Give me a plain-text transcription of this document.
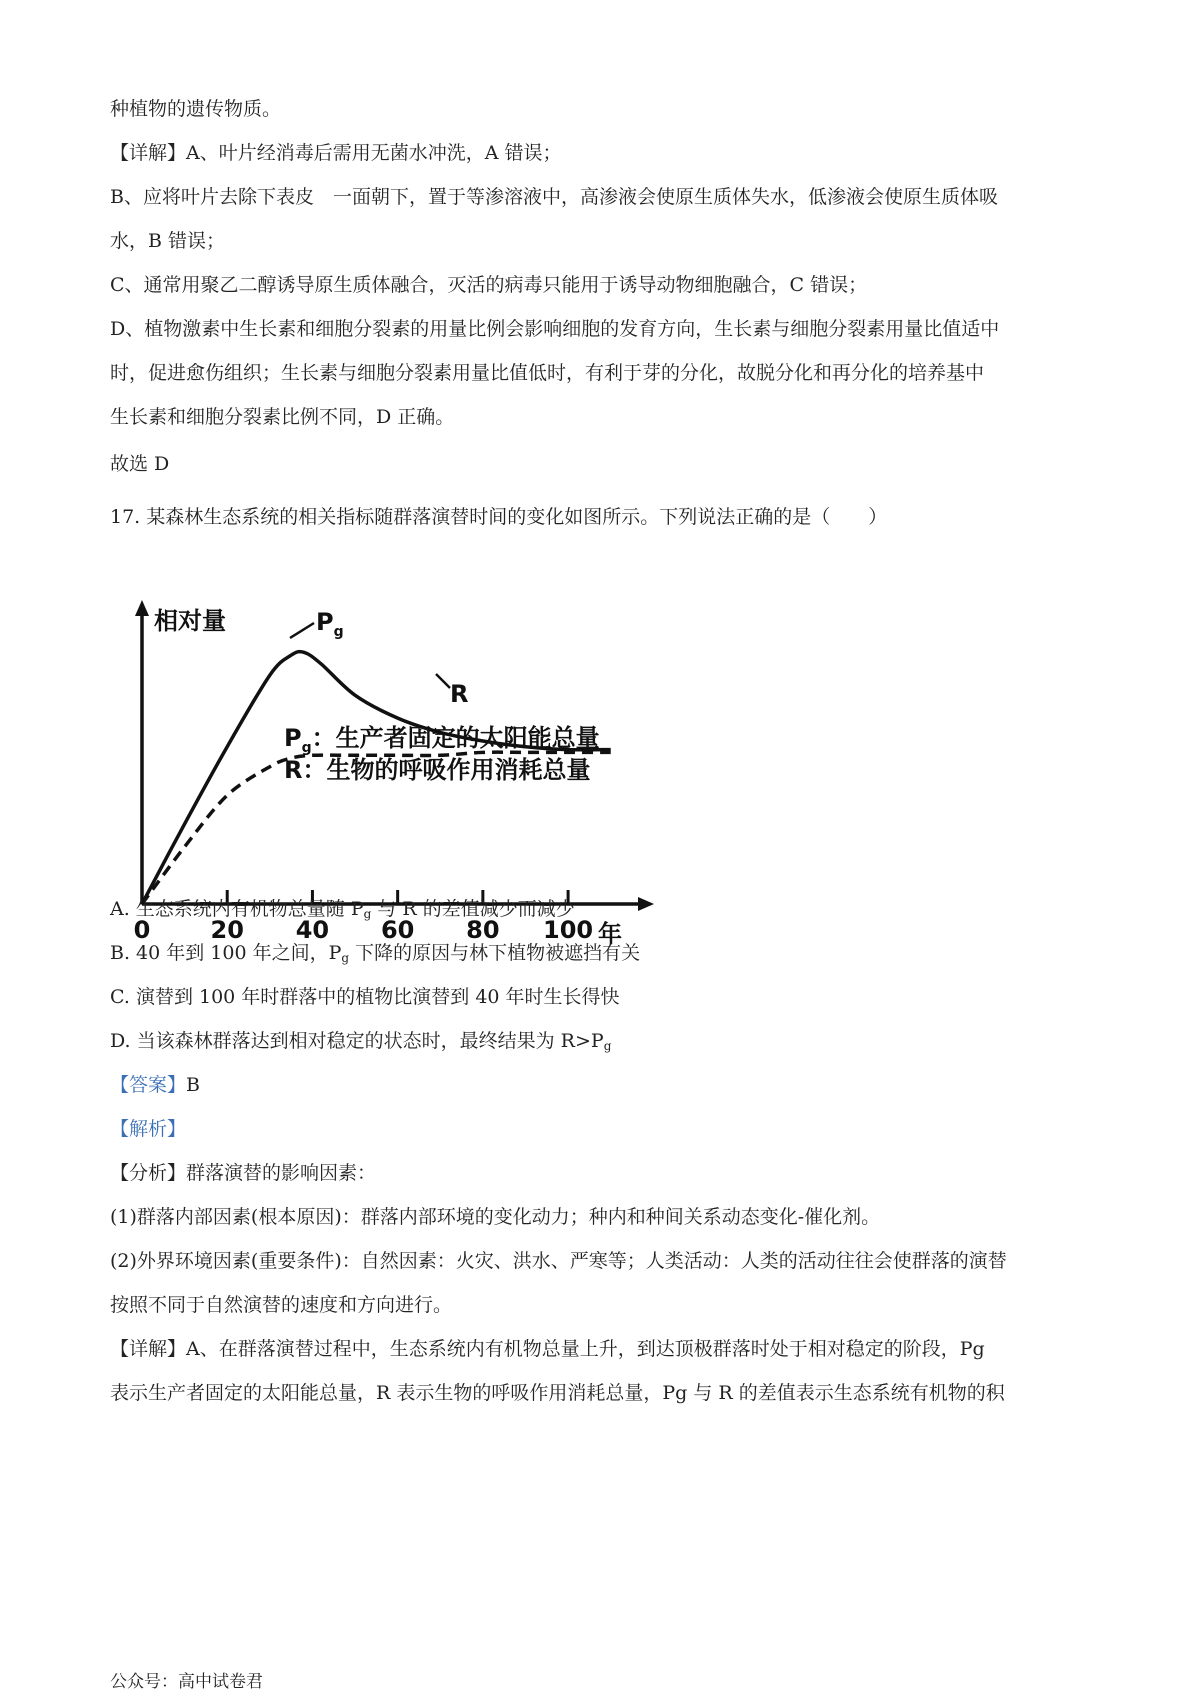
种植物的遗传物质。
【详解】A、叶片经消毒后需用无菌水冲洗，A 错误；
B、应将叶片去除下表皮　一面朝下，置于等渗溶液中，高渗液会使原生质体失水，低渗液会使原生质体吸
水，B 错误；
C、通常用聚乙二醇诱导原生质体融合，灭活的病毒只能用于诱导动物细胞融合，C 错误；
D、植物激素中生长素和细胞分裂素的用量比例会影响细胞的发育方向，生长素与细胞分裂素用量比值适中
时，促进愈伤组织；生长素与细胞分裂素用量比值低时，有利于芽的分化，故脱分化和再分化的培养基中
生长素和细胞分裂素比例不同，D 正确。
故选 D
17. 某森林生态系统的相关指标随群落演替时间的变化如图所示。下列说法正确的是（　　）
相对量
年
0	20 40 60 80 100
$P_g$
R
$P_g$：生产者固定的太阳能总量
R：生物的呼吸作用消耗总量
A. 生态系统内有机物总量随 $P_g$ 与 R 的差值减少而减少
B. 40 年到 100 年之间，$P_g$ 下降的原因与林下植物被遮挡有关
C. 演替到 100 年时群落中的植物比演替到 40 年时生长得快
D. 当该森林群落达到相对稳定的状态时，最终结果为 $R>P_g$
【答案】B
【解析】
【分析】群落演替的影响因素：
(1)群落内部因素(根本原因)：群落内部环境的变化动力；种内和种间关系动态变化-催化剂。
(2)外界环境因素(重要条件)：自然因素：火灾、洪水、严寒等；人类活动：人类的活动往往会使群落的演替
按照不同于自然演替的速度和方向进行。
【详解】A、在群落演替过程中，生态系统内有机物总量上升，到达顶极群落时处于相对稳定的阶段，Pg
表示生产者固定的太阳能总量，R 表示生物的呼吸作用消耗总量，Pg 与 R 的差值表示生态系统有机物的积
公众号：高中试卷君
